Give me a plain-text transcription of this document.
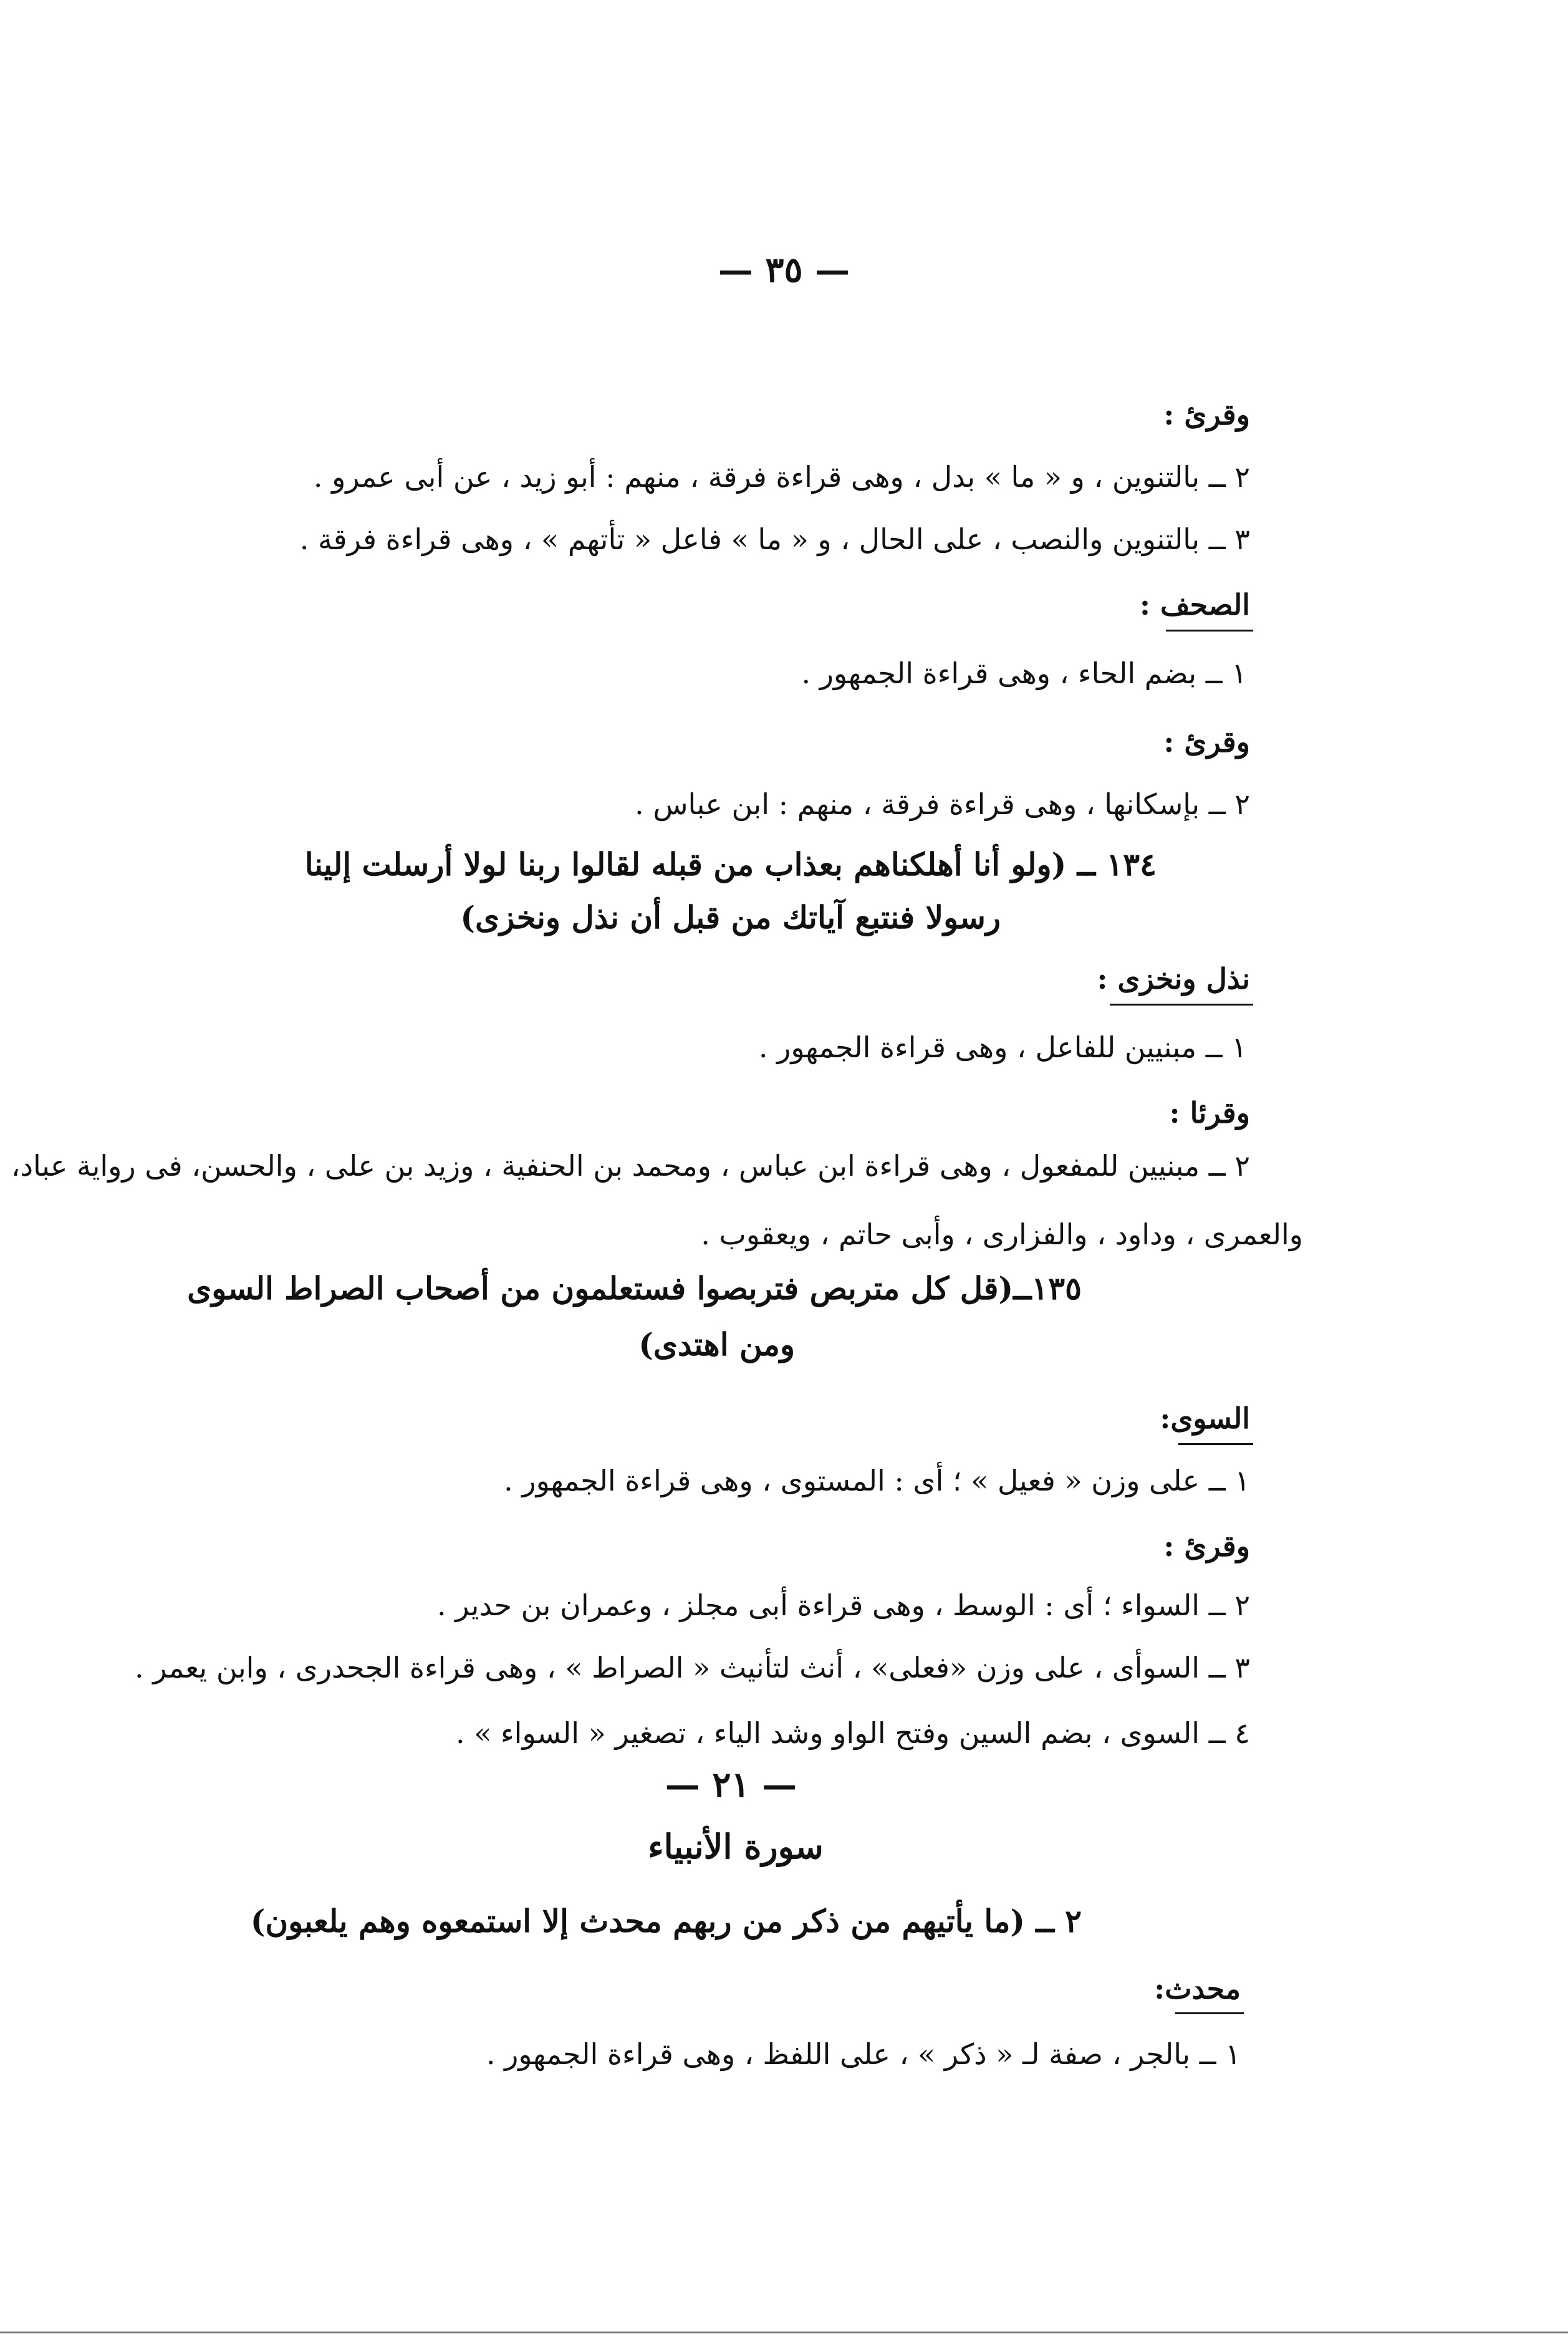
— ٣٥ —
وقرئ :
٢ ــ بالتنوين ، و « ما » بدل ، وهى قراءة فرقة ، منهم : أبو زيد ، عن أبى عمرو .
٣ ــ بالتنوين والنصب ، على الحال ، و « ما » فاعل « تأتهم » ، وهى قراءة فرقة .
الصحف :
١ ــ بضم الحاء ، وهى قراءة الجمهور .
وقرئ :
٢ ــ بإسكانها ، وهى قراءة فرقة ، منهم : ابن عباس .
١٣٤ ــ (ولو أنا أهلكناهم بعذاب من قبله لقالوا ربنا لولا أرسلت إلينا
رسولا فنتبع آياتك من قبل أن نذل ونخزى)
نذل ونخزى :
١ ــ مبنيين للفاعل ، وهى قراءة الجمهور .
وقرئا :
٢ ــ مبنيين للمفعول ، وهى قراءة ابن عباس ، ومحمد بن الحنفية ، وزيد بن على ، والحسن، فى رواية عباد،
والعمرى ، وداود ، والفزارى ، وأبى حاتم ، ويعقوب .
١٣٥ــ(قل كل متربص فتربصوا فستعلمون من أصحاب الصراط السوى
ومن اهتدى)
السوى:
١ ــ على وزن « فعيل » ؛ أى : المستوى ، وهى قراءة الجمهور .
وقرئ :
٢ ــ السواء ؛ أى : الوسط ، وهى قراءة أبى مجلز ، وعمران بن حدير .
٣ ــ السوأى ، على وزن «فعلى» ، أنث لتأنيث « الصراط » ، وهى قراءة الجحدرى ، وابن يعمر .
٤ ــ السوى ، بضم السين وفتح الواو وشد الياء ، تصغير « السواء » .
— ٢١ —
سورة الأنبياء
٢ ــ (ما يأتيهم من ذكر من ربهم محدث إلا استمعوه وهم يلعبون)
محدث:
١ ــ بالجر ، صفة لـ « ذكر » ، على اللفظ ، وهى قراءة الجمهور .
